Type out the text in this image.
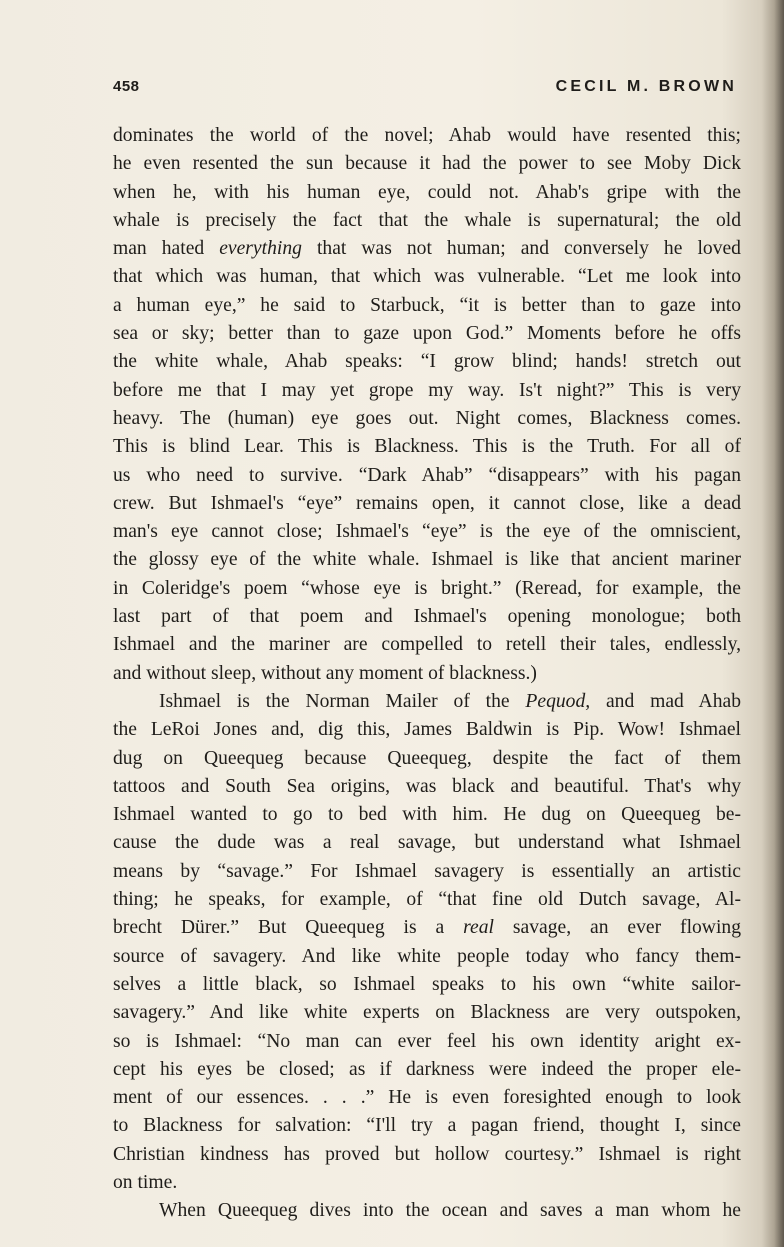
458	CECIL M. BROWN
dominates the world of the novel; Ahab would have resented this;
he even resented the sun because it had the power to see Moby Dick
when he, with his human eye, could not. Ahab's gripe with the
whale is precisely the fact that the whale is supernatural; the old
man hated everything that was not human; and conversely he loved
that which was human, that which was vulnerable. “Let me look into
a human eye,” he said to Starbuck, “it is better than to gaze into
sea or sky; better than to gaze upon God.” Moments before he offs
the white whale, Ahab speaks: “I grow blind; hands! stretch out
before me that I may yet grope my way. Is't night?” This is very
heavy. The (human) eye goes out. Night comes, Blackness comes.
This is blind Lear. This is Blackness. This is the Truth. For all of
us who need to survive. “Dark Ahab” “disappears” with his pagan
crew. But Ishmael's “eye” remains open, it cannot close, like a dead
man's eye cannot close; Ishmael's “eye” is the eye of the omniscient,
the glossy eye of the white whale. Ishmael is like that ancient mariner
in Coleridge's poem “whose eye is bright.” (Reread, for example, the
last part of that poem and Ishmael's opening monologue; both
Ishmael and the mariner are compelled to retell their tales, endlessly,
and without sleep, without any moment of blackness.)
Ishmael is the Norman Mailer of the Pequod, and mad Ahab
the LeRoi Jones and, dig this, James Baldwin is Pip. Wow! Ishmael
dug on Queequeg because Queequeg, despite the fact of them
tattoos and South Sea origins, was black and beautiful. That's why
Ishmael wanted to go to bed with him. He dug on Queequeg be-
cause the dude was a real savage, but understand what Ishmael
means by “savage.” For Ishmael savagery is essentially an artistic
thing; he speaks, for example, of “that fine old Dutch savage, Al-
brecht Dürer.” But Queequeg is a real savage, an ever flowing
source of savagery. And like white people today who fancy them-
selves a little black, so Ishmael speaks to his own “white sailor-
savagery.” And like white experts on Blackness are very outspoken,
so is Ishmael: “No man can ever feel his own identity aright ex-
cept his eyes be closed; as if darkness were indeed the proper ele-
ment of our essences. . . .” He is even foresighted enough to look
to Blackness for salvation: “I'll try a pagan friend, thought I, since
Christian kindness has proved but hollow courtesy.” Ishmael is right
on time.
When Queequeg dives into the ocean and saves a man whom he
